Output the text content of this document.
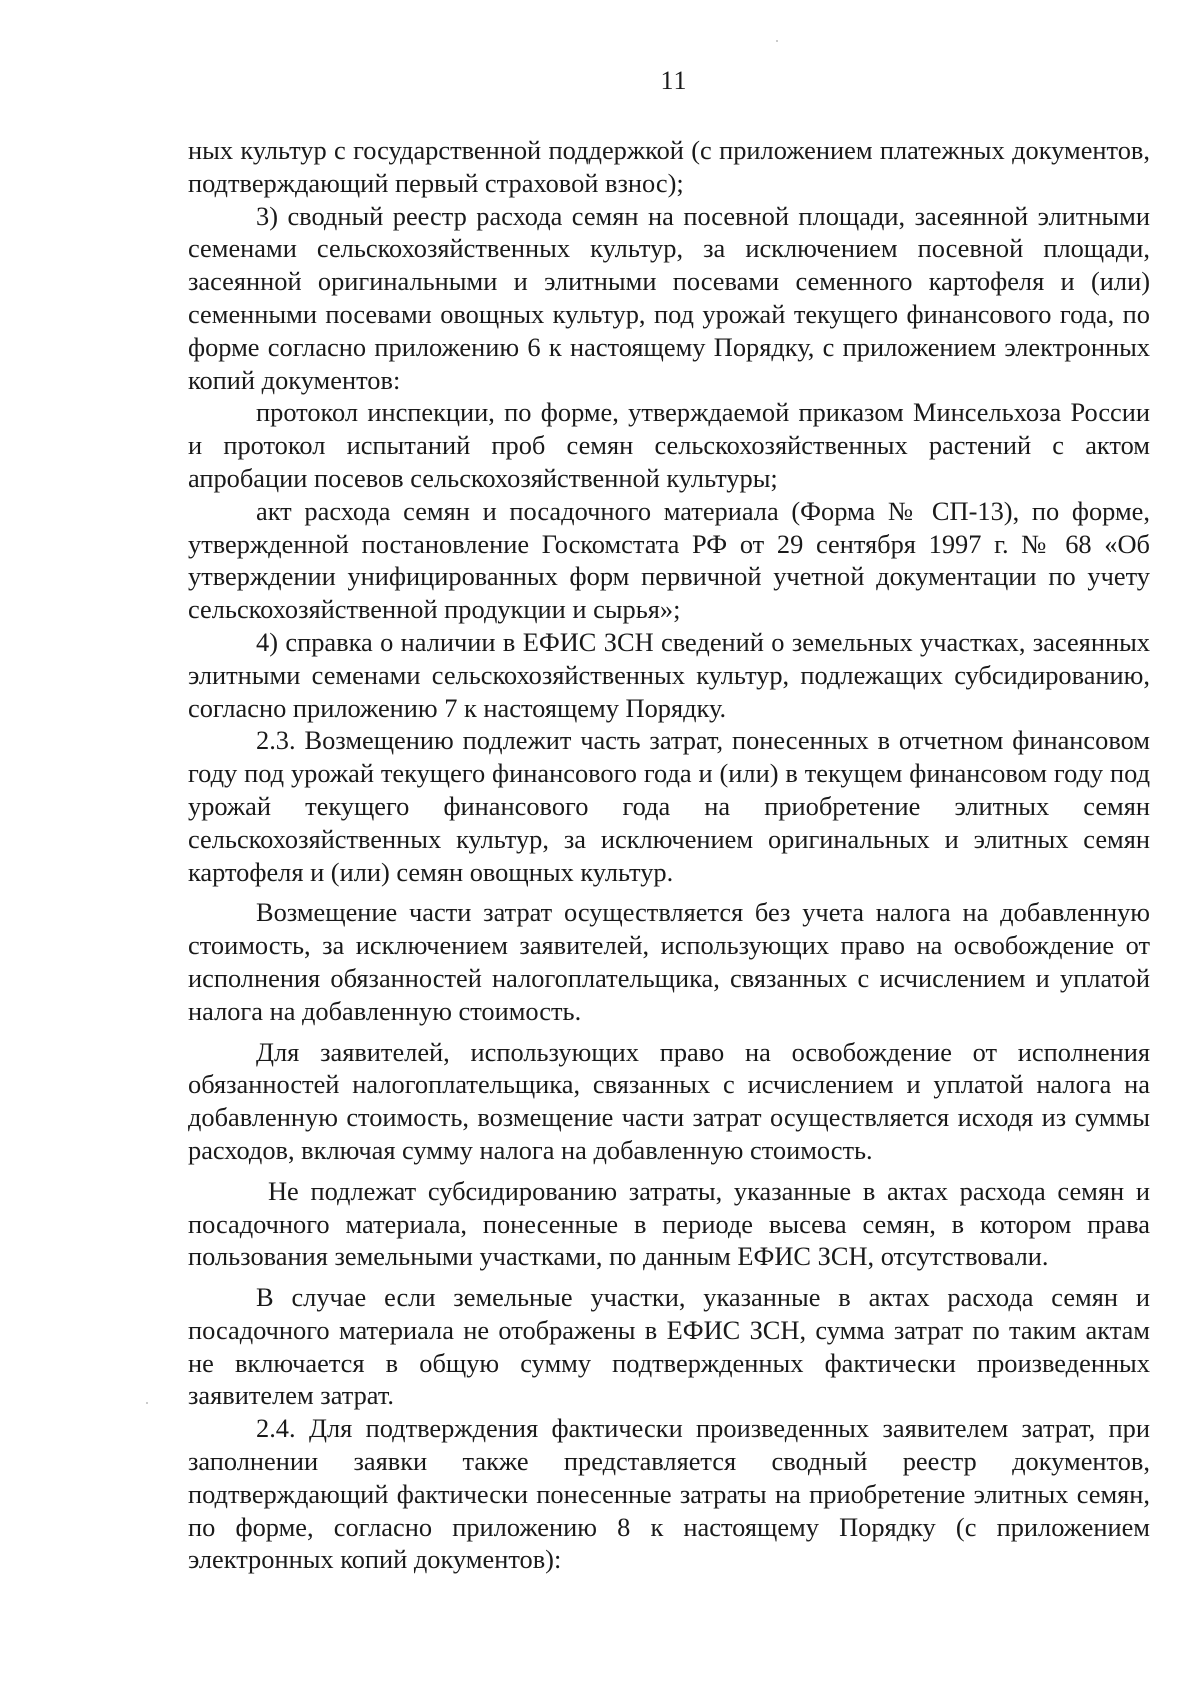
11

ных культур с государственной поддержкой (с приложением платежных документов, подтверждающий первый страховой взнос);

3) сводный реестр расхода семян на посевной площади, засеянной элитными семенами сельскохозяйственных культур, за исключением посевной площади, засеянной оригинальными и элитными посевами семенного картофеля и (или) семенными посевами овощных культур, под урожай текущего финансового года, по форме согласно приложению 6 к настоящему Порядку, с приложением электронных копий документов:

протокол инспекции, по форме, утверждаемой приказом Минсельхоза России и протокол испытаний проб семян сельскохозяйственных растений с актом апробации посевов сельскохозяйственной культуры;

акт расхода семян и посадочного материала (Форма № СП-13), по форме, утвержденной постановление Госкомстата РФ от 29 сентября 1997 г. № 68 «Об утверждении унифицированных форм первичной учетной документации по учету сельскохозяйственной продукции и сырья»;

4) справка о наличии в ЕФИС ЗСН сведений о земельных участках, засеянных элитными семенами сельскохозяйственных культур, подлежащих субсидированию, согласно приложению 7 к настоящему Порядку.

2.3. Возмещению подлежит часть затрат, понесенных в отчетном финансовом году под урожай текущего финансового года и (или) в текущем финансовом году под урожай текущего финансового года на приобретение элитных семян сельскохозяйственных культур, за исключением оригинальных и элитных семян картофеля и (или) семян овощных культур.

Возмещение части затрат осуществляется без учета налога на добавленную стоимость, за исключением заявителей, использующих право на освобождение от исполнения обязанностей налогоплательщика, связанных с исчислением и уплатой налога на добавленную стоимость.

Для заявителей, использующих право на освобождение от исполнения обязанностей налогоплательщика, связанных с исчислением и уплатой налога на добавленную стоимость, возмещение части затрат осуществляется исходя из суммы расходов, включая сумму налога на добавленную стоимость.

Не подлежат субсидированию затраты, указанные в актах расхода семян и посадочного материала, понесенные в периоде высева семян, в котором права пользования земельными участками, по данным ЕФИС ЗСН, отсутствовали.

В случае если земельные участки, указанные в актах расхода семян и посадочного материала не отображены в ЕФИС ЗСН, сумма затрат по таким актам не включается в общую сумму подтвержденных фактически произведенных заявителем затрат.

2.4. Для подтверждения фактически произведенных заявителем затрат, при заполнении заявки также представляется сводный реестр документов, подтверждающий фактически понесенные затраты на приобретение элитных семян, по форме, согласно приложению 8 к настоящему Порядку (с приложением электронных копий документов):
